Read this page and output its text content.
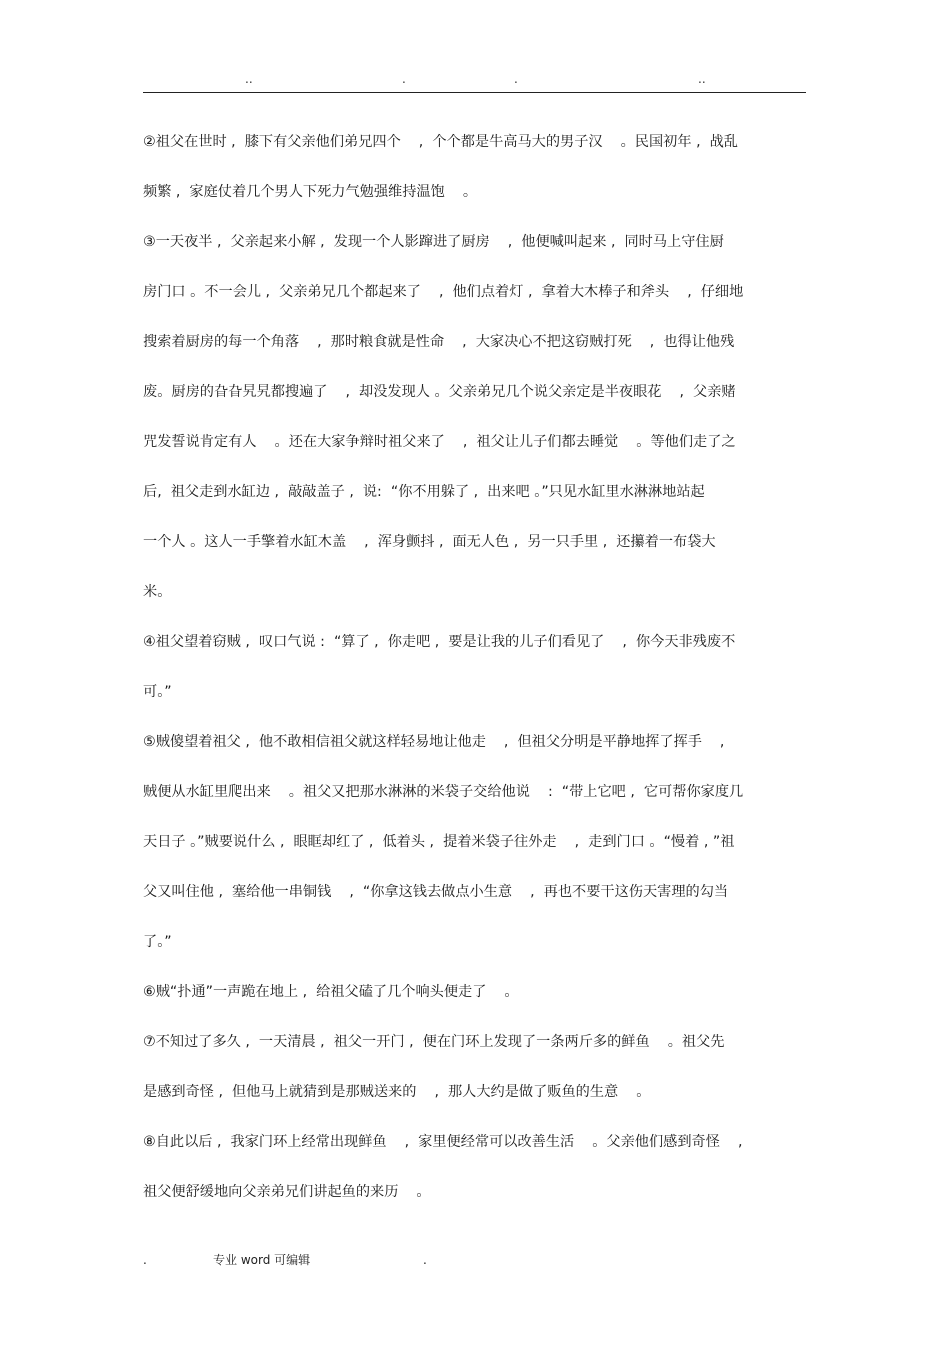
..	.	.	..
②祖父在世时 ,  膝下有父亲他们弟兄四个    ,  个个都是牛高马大的男子汉    。民国初年 ,  战乱
频繁 ,  家庭仗着几个男人下死力气勉强维持温饱    。
③一天夜半 ,  父亲起来小解 ,  发现一个人影蹿进了厨房    ,  他便喊叫起来 ,  同时马上守住厨
房门口 。不一会儿 ,  父亲弟兄几个都起来了    ,  他们点着灯 ,  拿着大木棒子和斧头    ,  仔细地
搜索着厨房的每一个角落    ,  那时粮食就是性命    ,  大家决心不把这窃贼打死    ,  也得让他残
废。厨房的旮旮旯旯都搜遍了    ,  却没发现人 。父亲弟兄几个说父亲定是半夜眼花    ,  父亲赌
咒发誓说肯定有人    。还在大家争辩时祖父来了    ,  祖父让儿子们都去睡觉    。等他们走了之
后,  祖父走到水缸边 ,  敲敲盖子 ,  说:  “你不用躲了 ,  出来吧 。”只见水缸里水淋淋地站起
一个人 。这人一手擎着水缸木盖    ,  浑身颤抖 ,  面无人色 ,  另一只手里 ,  还攥着一布袋大
米。
④祖父望着窃贼 ,  叹口气说 :  “算了 ,  你走吧 ,  要是让我的儿子们看见了    ,  你今天非残废不
可。”
⑤贼傻望着祖父 ,  他不敢相信祖父就这样轻易地让他走    ,  但祖父分明是平静地挥了挥手    ,
贼便从水缸里爬出来    。祖父又把那水淋淋的米袋子交给他说    :  “带上它吧 ,  它可帮你家度几
天日子 。”贼要说什么 ,  眼眶却红了 ,  低着头 ,  提着米袋子往外走    ,  走到门口 。“慢着 , ”祖
父又叫住他 ,  塞给他一串铜钱    ,  “你拿这钱去做点小生意    ,  再也不要干这伤天害理的勾当
了。”
⑥贼“扑通”一声跪在地上 ,  给祖父磕了几个响头便走了    。
⑦不知过了多久 ,  一天清晨 ,  祖父一开门 ,  便在门环上发现了一条两斤多的鲜鱼    。祖父先
是感到奇怪 ,  但他马上就猜到是那贼送来的    ,  那人大约是做了贩鱼的生意    。
⑧自此以后 ,  我家门环上经常出现鲜鱼    ,  家里便经常可以改善生活    。父亲他们感到奇怪    ,
祖父便舒缓地向父亲弟兄们讲起鱼的来历    。
.	专业 word 可编辑	.
